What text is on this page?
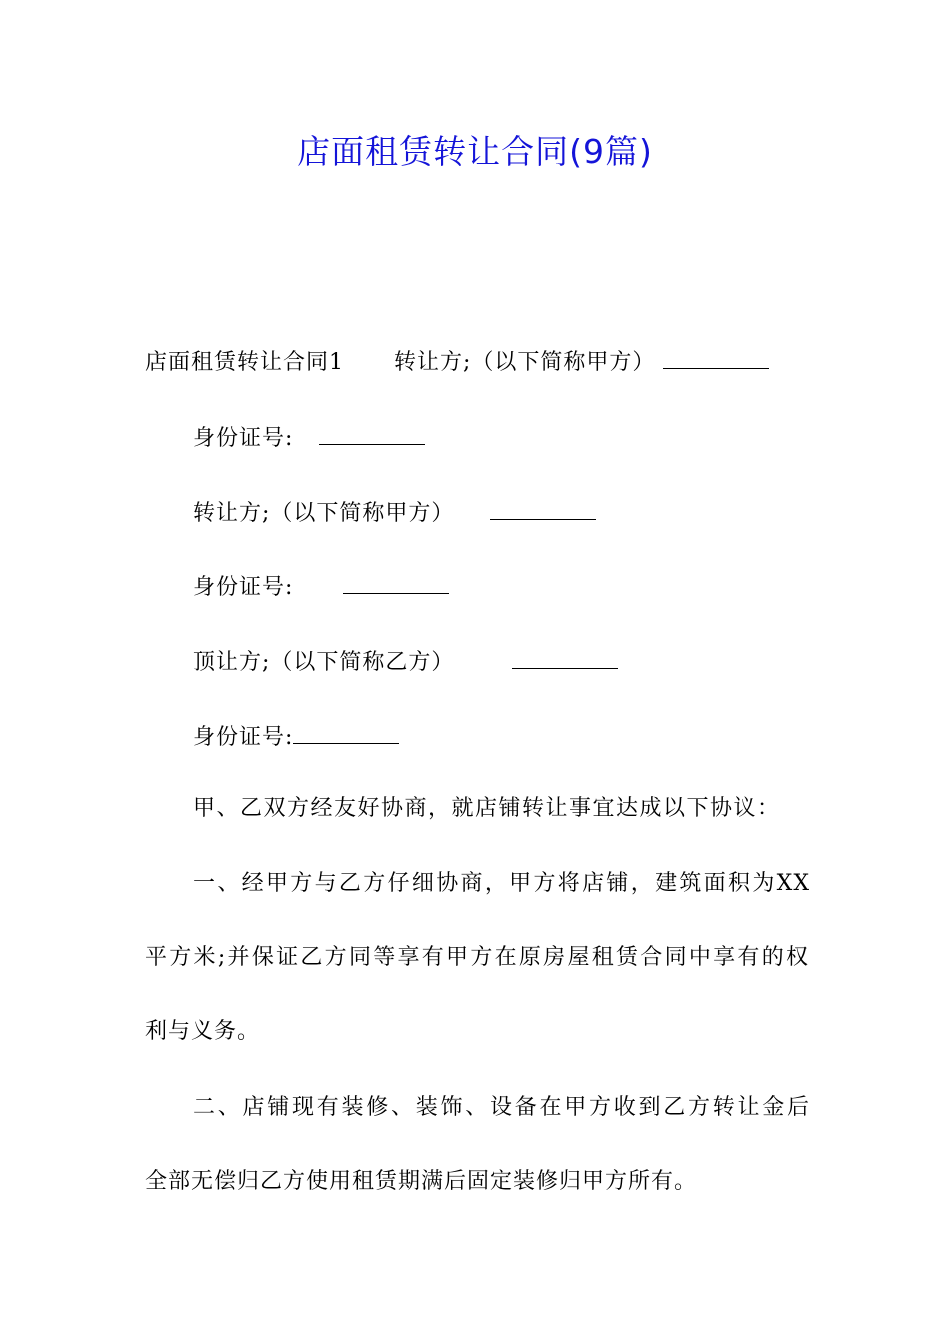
店面租赁转让合同(9篇)
店面租赁转让合同1 转让方;（以下简称甲方）
身份证号:
转让方;（以下简称甲方）
身份证号:
顶让方;（以下简称乙方）
身份证号:
甲、乙双方经友好协商，就店铺转让事宜达成以下协议：
一、经甲方与乙方仔细协商，甲方将店铺，建筑面积为XX
平方米;并保证乙方同等享有甲方在原房屋租赁合同中享有的权
利与义务。
二、店铺现有装修、装饰、设备在甲方收到乙方转让金后
全部无偿归乙方使用租赁期满后固定装修归甲方所有。
